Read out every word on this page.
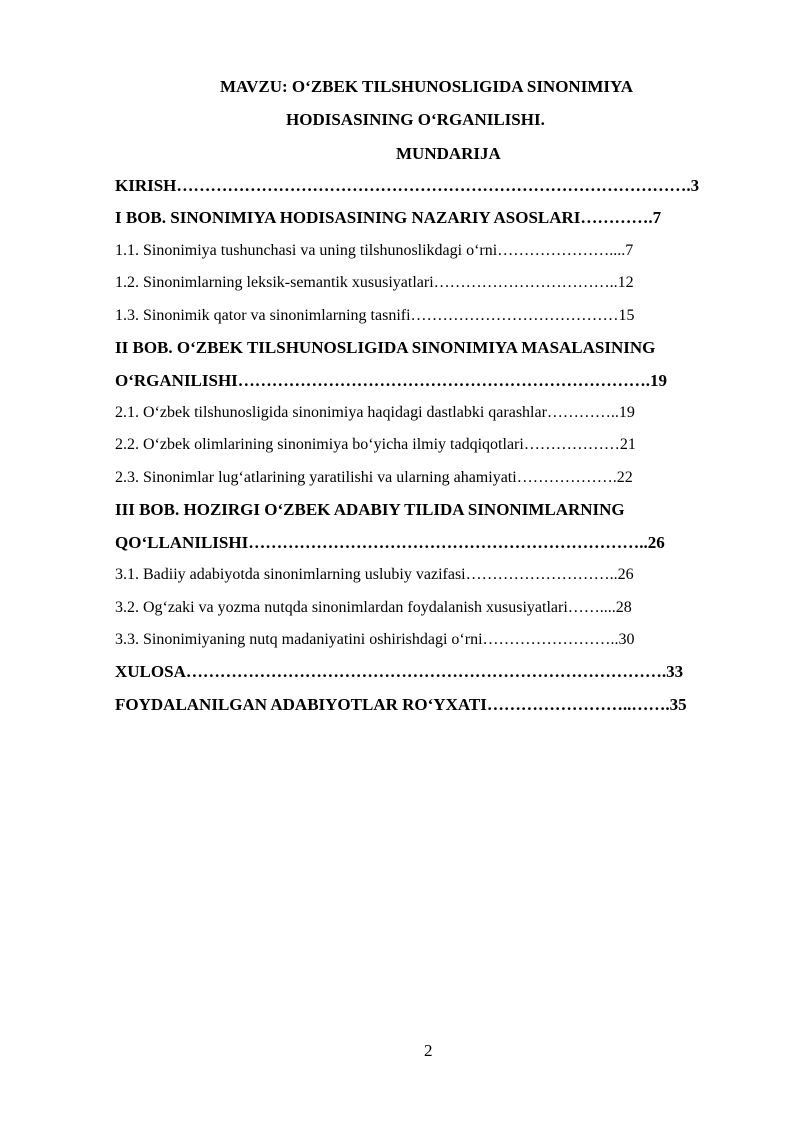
MAVZU: O‘ZBEK TILSHUNOSLIGIDA SINONIMIYA
HODISASINING O‘RGANILISHI.
MUNDARIJA
KIRISH……………………………………………………………………………….3
I BOB. SINONIMIYA HODISASINING NAZARIY ASOSLARI………….7
1.1. Sinonimiya tushunchasi va uning tilshunoslikdagi o‘rni…………………....7
1.2. Sinonimlarning leksik-semantik xususiyatlari……………………………..12
1.3. Sinonimik qator va sinonimlarning tasnifi…………………………………15
II BOB. O‘ZBEK TILSHUNOSLIGIDA SINONIMIYA MASALASINING
O‘RGANILISHI……………………………………………………………….19
2.1. O‘zbek tilshunosligida sinonimiya haqidagi dastlabki qarashlar…………..19
2.2. O‘zbek olimlarining sinonimiya bo‘yicha ilmiy tadqiqotlari………………21
2.3. Sinonimlar lug‘atlarining yaratilishi va ularning ahamiyati……………….22
III BOB. HOZIRGI O‘ZBEK ADABIY TILIDA SINONIMLARNING
QO‘LLANILISHI……………………………………………………………..26
3.1. Badiiy adabiyotda sinonimlarning uslubiy vazifasi………………………..26
3.2. Og‘zaki va yozma nutqda sinonimlardan foydalanish xususiyatlari……....28
3.3. Sinonimiyaning nutq madaniyatini oshirishdagi o‘rni……………………..30
XULOSA………………………………………………………………………….33
FOYDALANILGAN ADABIYOTLAR RO‘YXATI……………………..…….35
2
